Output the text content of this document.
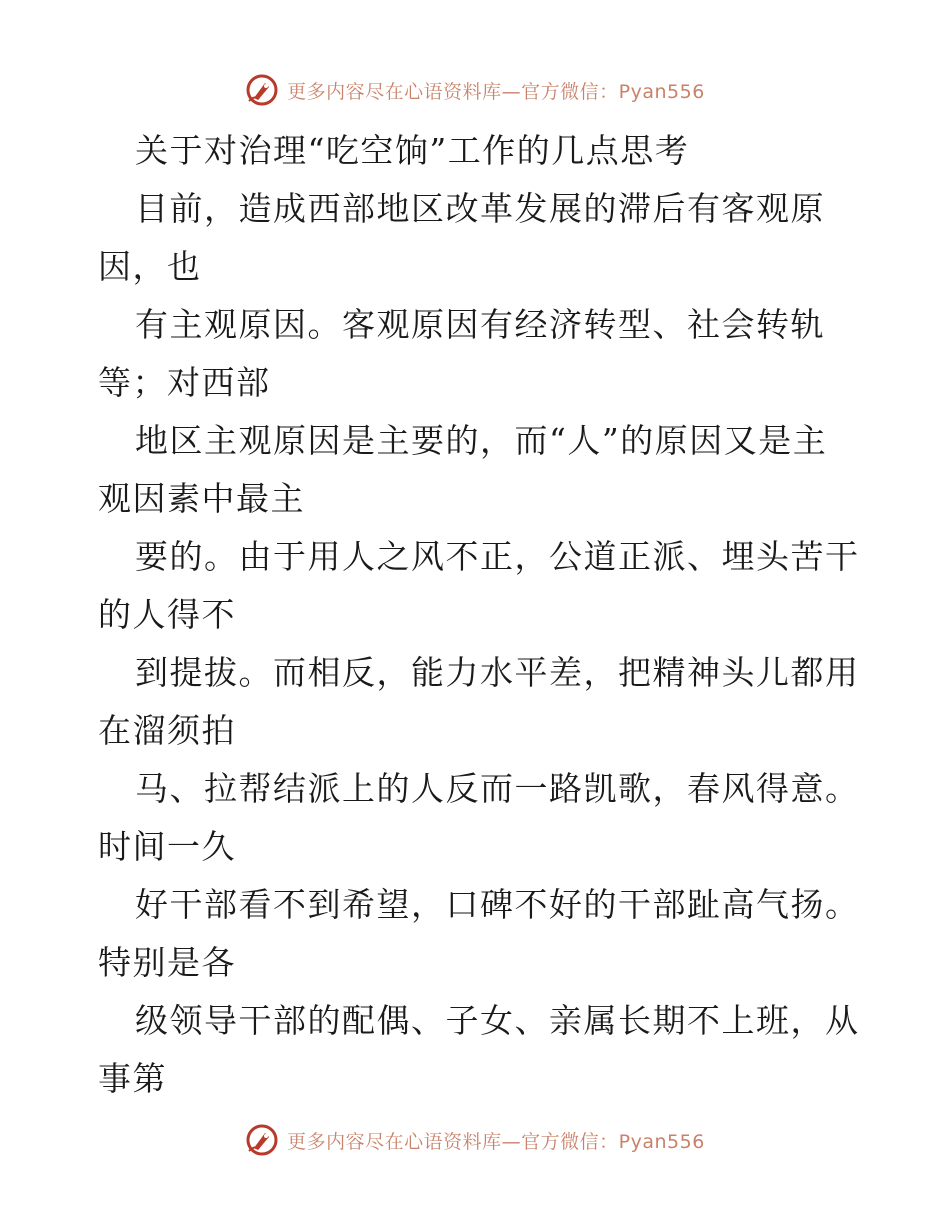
更多内容尽在心语资料库—官方微信：Pyan556
关于对治理“吃空饷”工作的几点思考
目前，造成西部地区改革发展的滞后有客观原
因，也
有主观原因。客观原因有经济转型、社会转轨
等；对西部
地区主观原因是主要的，而“人”的原因又是主
观因素中最主
要的。由于用人之风不正，公道正派、埋头苦干
的人得不
到提拔。而相反，能力水平差，把精神头儿都用
在溜须拍
马、拉帮结派上的人反而一路凯歌，春风得意。
时间一久
好干部看不到希望，口碑不好的干部趾高气扬。
特别是各
级领导干部的配偶、子女、亲属长期不上班，从
事第
更多内容尽在心语资料库—官方微信：Pyan556
